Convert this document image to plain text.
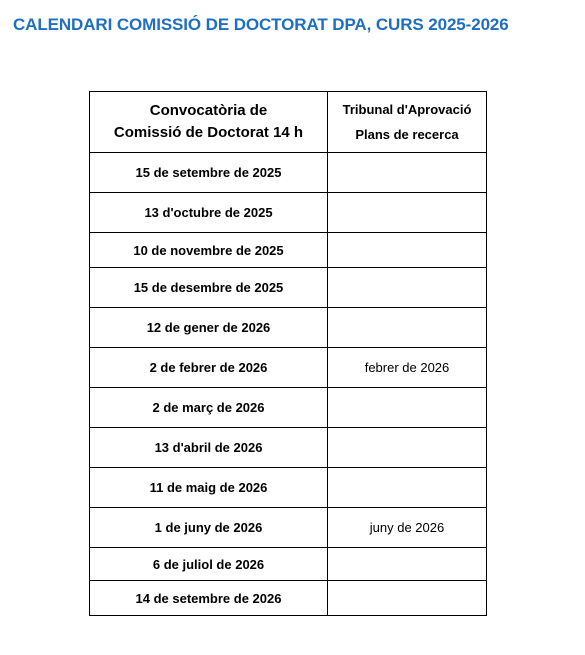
CALENDARI COMISSIÓ DE DOCTORAT DPA, CURS 2025-2026
Convocatòria de
Comissió de Doctorat 14 h	Tribunal d'Aprovació
Plans de recerca

15 de setembre de 2025	
13 d'octubre de 2025	
10 de novembre de 2025	
15 de desembre de 2025	
12 de gener de 2026	
2 de febrer de 2026	febrer de 2026
2 de març de 2026	
13 d'abril de 2026	
11 de maig de 2026	
1 de juny de 2026	juny de 2026
6 de juliol de 2026	
14 de setembre de 2026	
